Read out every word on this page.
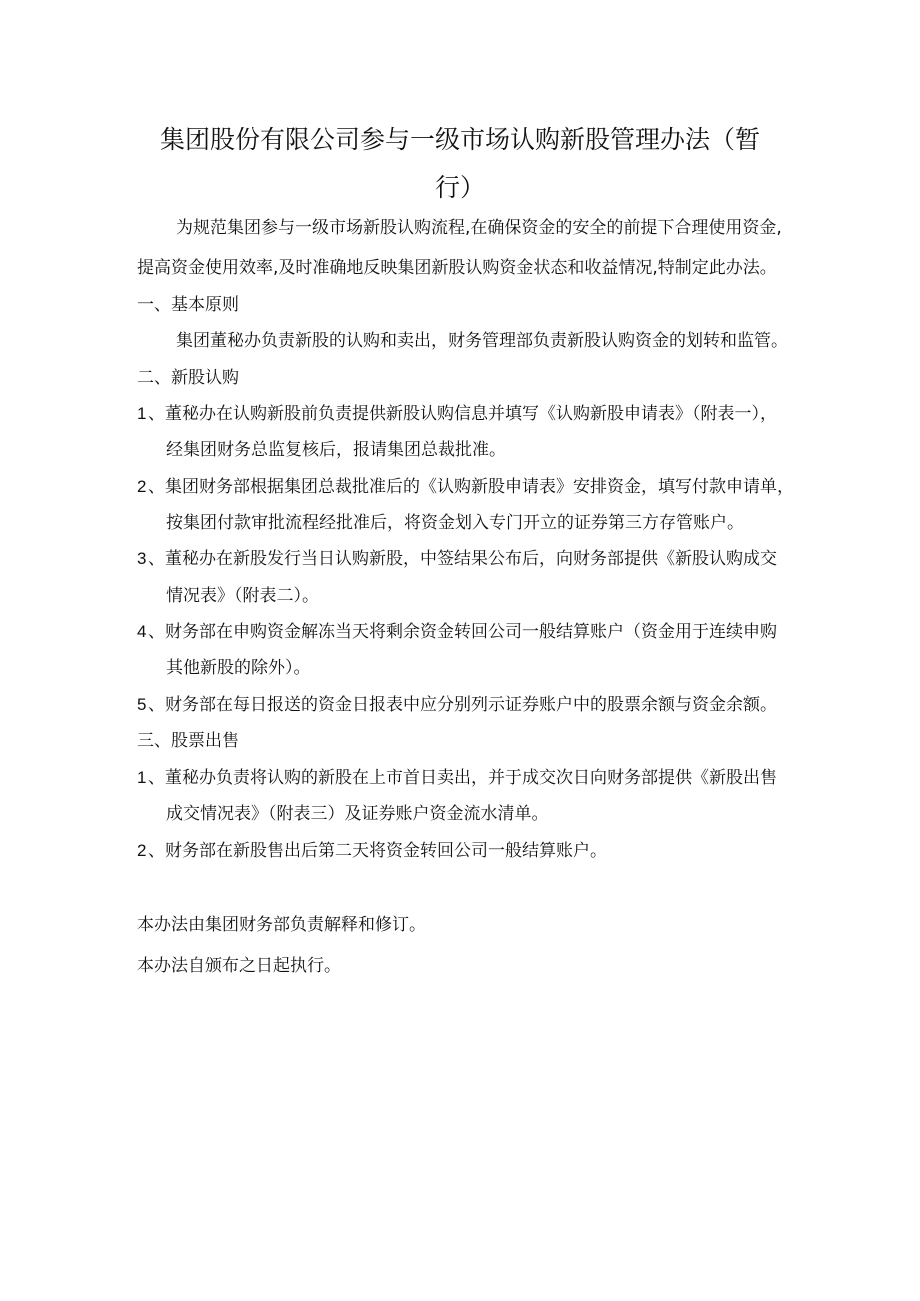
集团股份有限公司参与一级市场认购新股管理办法（暂
行）
为规范集团参与一级市场新股认购流程,在确保资金的安全的前提下合理使用资金,
提高资金使用效率,及时准确地反映集团新股认购资金状态和收益情况,特制定此办法。
一、基本原则
集团董秘办负责新股的认购和卖出，财务管理部负责新股认购资金的划转和监管。
二、新股认购
1 、董秘办在认购新股前负责提供新股认购信息并填写《认购新股申请表》（附表一），
经集团财务总监复核后，报请集团总裁批准。
2 、集团财务部根据集团总裁批准后的《认购新股申请表》安排资金，填写付款申请单，
按集团付款审批流程经批准后，将资金划入专门开立的证券第三方存管账户。
3 、董秘办在新股发行当日认购新股，中签结果公布后，向财务部提供《新股认购成交
情况表》（附表二）。
4 、财务部在申购资金解冻当天将剩余资金转回公司一般结算账户（资金用于连续申购
其他新股的除外）。
5 、财务部在每日报送的资金日报表中应分别列示证券账户中的股票余额与资金余额。
三、股票出售
1 、董秘办负责将认购的新股在上市首日卖出，并于成交次日向财务部提供《新股出售
成交情况表》（附表三）及证券账户资金流水清单。
2 、财务部在新股售出后第二天将资金转回公司一般结算账户。
本办法由集团财务部负责解释和修订。
本办法自颁布之日起执行。
